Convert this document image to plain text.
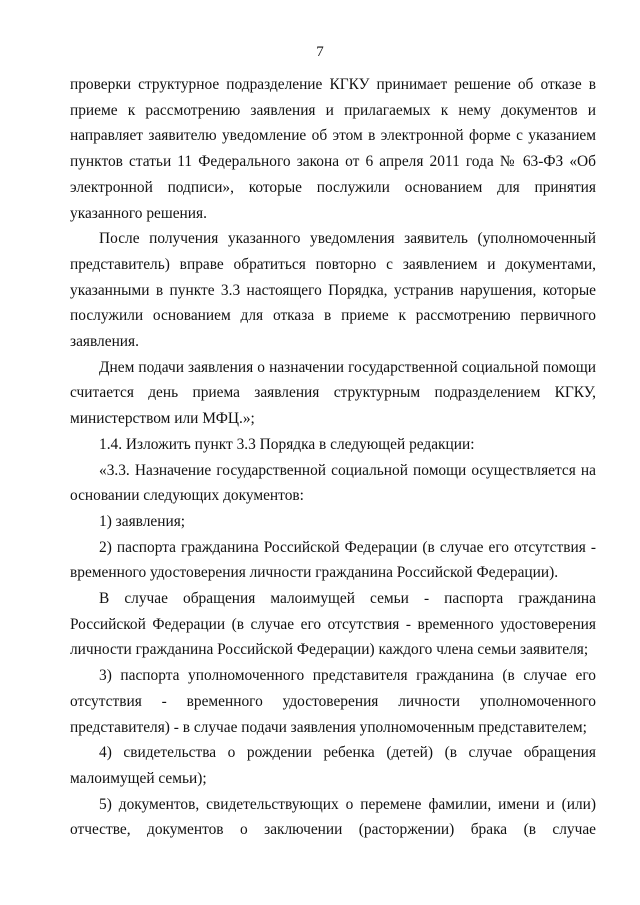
7

проверки структурное подразделение КГКУ принимает решение об отказе в приеме к рассмотрению заявления и прилагаемых к нему документов и направляет заявителю уведомление об этом в электронной форме с указанием пунктов статьи 11 Федерального закона от 6 апреля 2011 года № 63-ФЗ «Об электронной подписи», которые послужили основанием для принятия указанного решения.

После получения указанного уведомления заявитель (уполномоченный представитель) вправе обратиться повторно с заявлением и документами, указанными в пункте 3.3 настоящего Порядка, устранив нарушения, которые послужили основанием для отказа в приеме к рассмотрению первичного заявления.

Днем подачи заявления о назначении государственной социальной помощи считается день приема заявления структурным подразделением КГКУ, министерством или МФЦ.»;

1.4. Изложить пункт 3.3 Порядка в следующей редакции:

«3.3. Назначение государственной социальной помощи осуществляется на основании следующих документов:

1) заявления;

2) паспорта гражданина Российской Федерации (в случае его отсутствия - временного удостоверения личности гражданина Российской Федерации).

В случае обращения малоимущей семьи - паспорта гражданина Российской Федерации (в случае его отсутствия - временного удостоверения личности гражданина Российской Федерации) каждого члена семьи заявителя;

3) паспорта уполномоченного представителя гражданина (в случае его отсутствия - временного удостоверения личности уполномоченного представителя) - в случае подачи заявления уполномоченным представителем;

4) свидетельства о рождении ребенка (детей) (в случае обращения малоимущей семьи);

5) документов, свидетельствующих о перемене фамилии, имени и (или) отчестве, документов о заключении (расторжении) брака (в случае
